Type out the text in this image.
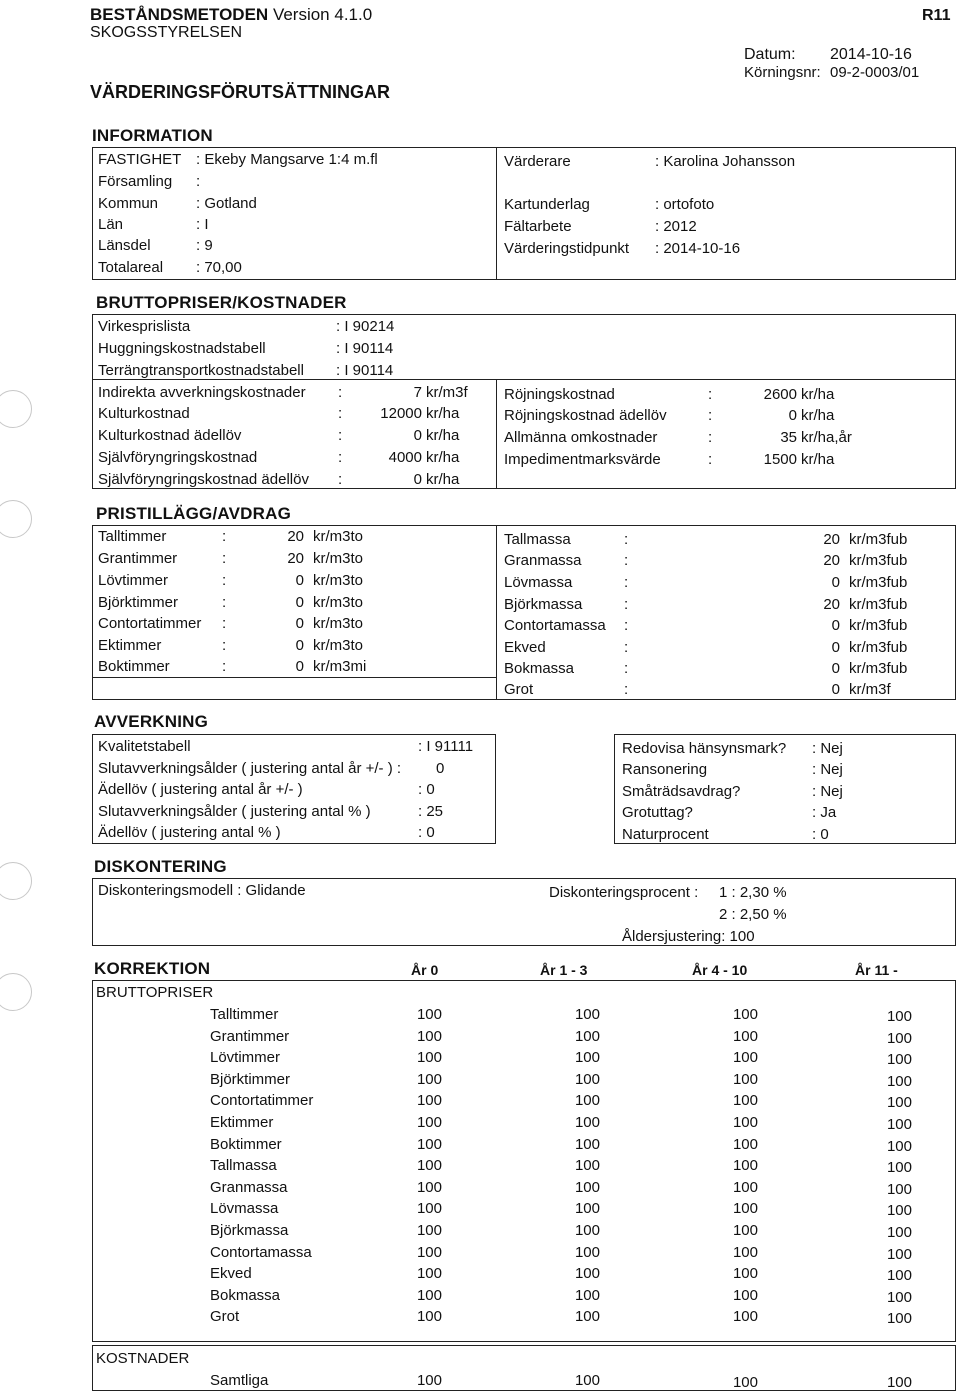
BESTÅNDSMETODEN Version 4.1.0
SKOGSSTYRELSEN
R11
Datum: 2014-10-16
Körningsnr: 09-2-0003/01
VÄRDERINGSFÖRUTSÄTTNINGAR
INFORMATION
FASTIGHET : Ekeby Mangsarve 1:4 m.fl
Församling :
Kommun	: Gotland
Län	: I
Länsdel	: 9
Totalareal : 70,00
Värderare	: Karolina Johansson
Kartunderlag	: ortofoto
Fältarbete	: 2012
Värderingstidpunkt : 2014-10-16
BRUTTOPRISER/KOSTNADER
Virkesprislista	: I 90214
Huggningskostnadstabell	: I 90114
Terrängtransportkostnadstabell : I 90114
Indirekta avverkningskostnader :	7 kr/m3f
Kulturkostnad	:	12000 kr/ha
Kulturkostnad ädellöv	:	0 kr/ha
Självföryngringskostnad	:	4000 kr/ha
Självföryngringskostnad ädellöv :	0 kr/ha
Röjningskostnad	:	2600 kr/ha
Röjningskostnad ädellöv	:	0 kr/ha
Allmänna omkostnader	:	35 kr/ha,år
Impedimentmarksvärde	:	1500 kr/ha
PRISTILLÄGG/AVDRAG
Talltimmer	:	20 kr/m3to
Grantimmer	:	20 kr/m3to
Lövtimmer	:	0 kr/m3to
Björktimmer	:	0 kr/m3to
Contortatimmer :	0 kr/m3to
Ektimmer	:	0 kr/m3to
Boktimmer	:	0 kr/m3mi
Tallmassa	:	20 kr/m3fub
Granmassa	:	20 kr/m3fub
Lövmassa	:	0 kr/m3fub
Björkmassa	:	20 kr/m3fub
Contortamassa :	0 kr/m3fub
Ekved	:	0 kr/m3fub
Bokmassa	:	0 kr/m3fub
Grot	:	0 kr/m3f
AVVERKNING
Kvalitetstabell	: I 91111
Slutavverkningsålder ( justering antal år +/- ) : 0
Ädellöv ( justering antal år +/- )	: 0
Slutavverkningsålder ( justering antal % )	: 25
Ädellöv ( justering antal % )	: 0
Redovisa hänsynsmark? : Nej
Ransonering	: Nej
Småträdsavdrag?	: Nej
Grotuttag?	: Ja
Naturprocent	: 0
DISKONTERING
Diskonteringsmodell : Glidande	Diskonteringsprocent : 1 : 2,30 %
2 : 2,50 %
Åldersjustering: 100
KORREKTION	År 0	År 1 - 3	År 4 - 10	År 11 -
BRUTTOPRISER
Talltimmer	100	100	100	100
Grantimmer	100	100	100	100
Lövtimmer	100	100	100	100
Björktimmer	100	100	100	100
Contortatimmer	100	100	100	100
Ektimmer	100	100	100	100
Boktimmer	100	100	100	100
Tallmassa	100	100	100	100
Granmassa	100	100	100	100
Lövmassa	100	100	100	100
Björkmassa	100	100	100	100
Contortamassa	100	100	100	100
Ekved	100	100	100	100
Bokmassa	100	100	100	100
Grot	100	100	100	100
KOSTNADER
Samtliga	100	100	100	100
